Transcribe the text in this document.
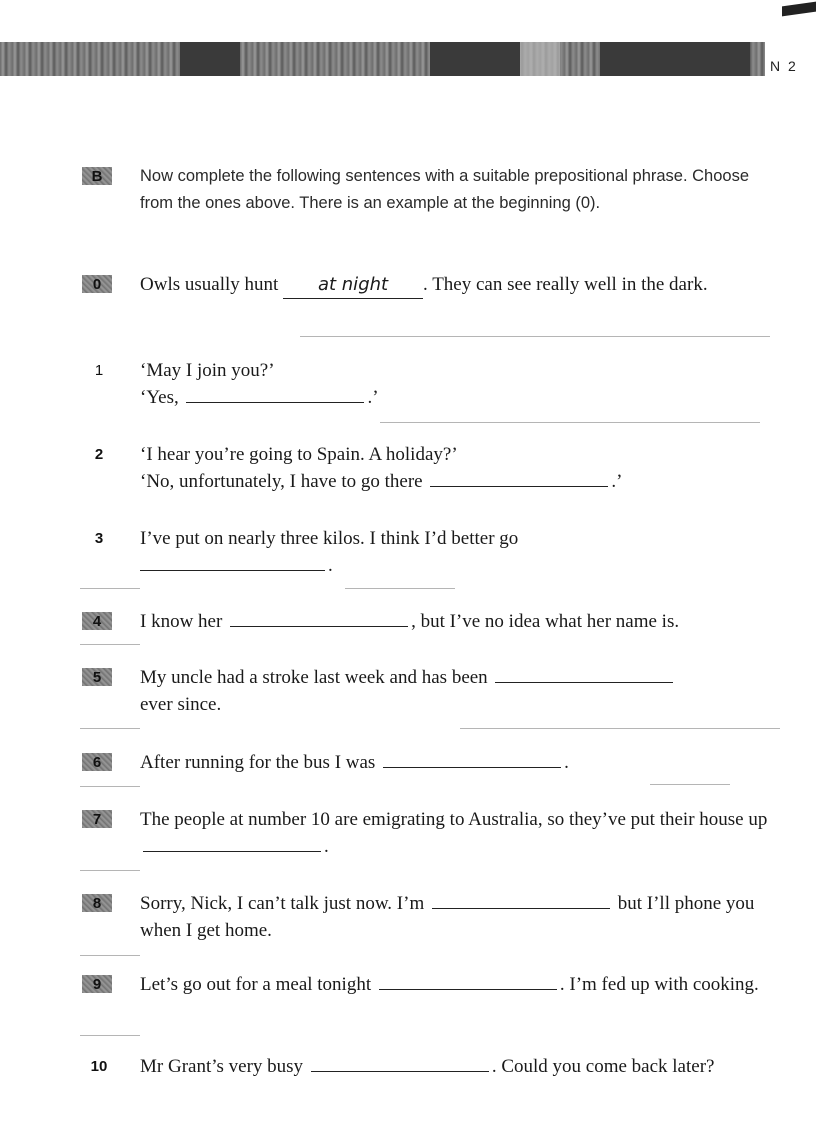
N 2
B	Now complete the following sentences with a suitable prepositional phrase. Choose from the ones above. There is an example at the beginning (0).
0	Owls usually hunt at night . They can see really well in the dark.
1	‘May I join you?’
‘Yes,	.’
2	‘I hear you’re going to Spain. A holiday?’
‘No, unfortunately, I have to go there	.’
3	I’ve put on nearly three kilos. I think I’d better go
.
4	I know her	, but I’ve no idea what her name is.
5	My uncle had a stroke last week and has been
ever since.
6	After running for the bus I was	.
7	The people at number 10 are emigrating to Australia, so they’ve put their house up .
8	Sorry, Nick, I can’t talk just now. I’m	but I’ll phone you when I get home.
9	Let’s go out for a meal tonight	. I’m fed up with cooking.
10	Mr Grant’s very busy	. Could you come back later?
